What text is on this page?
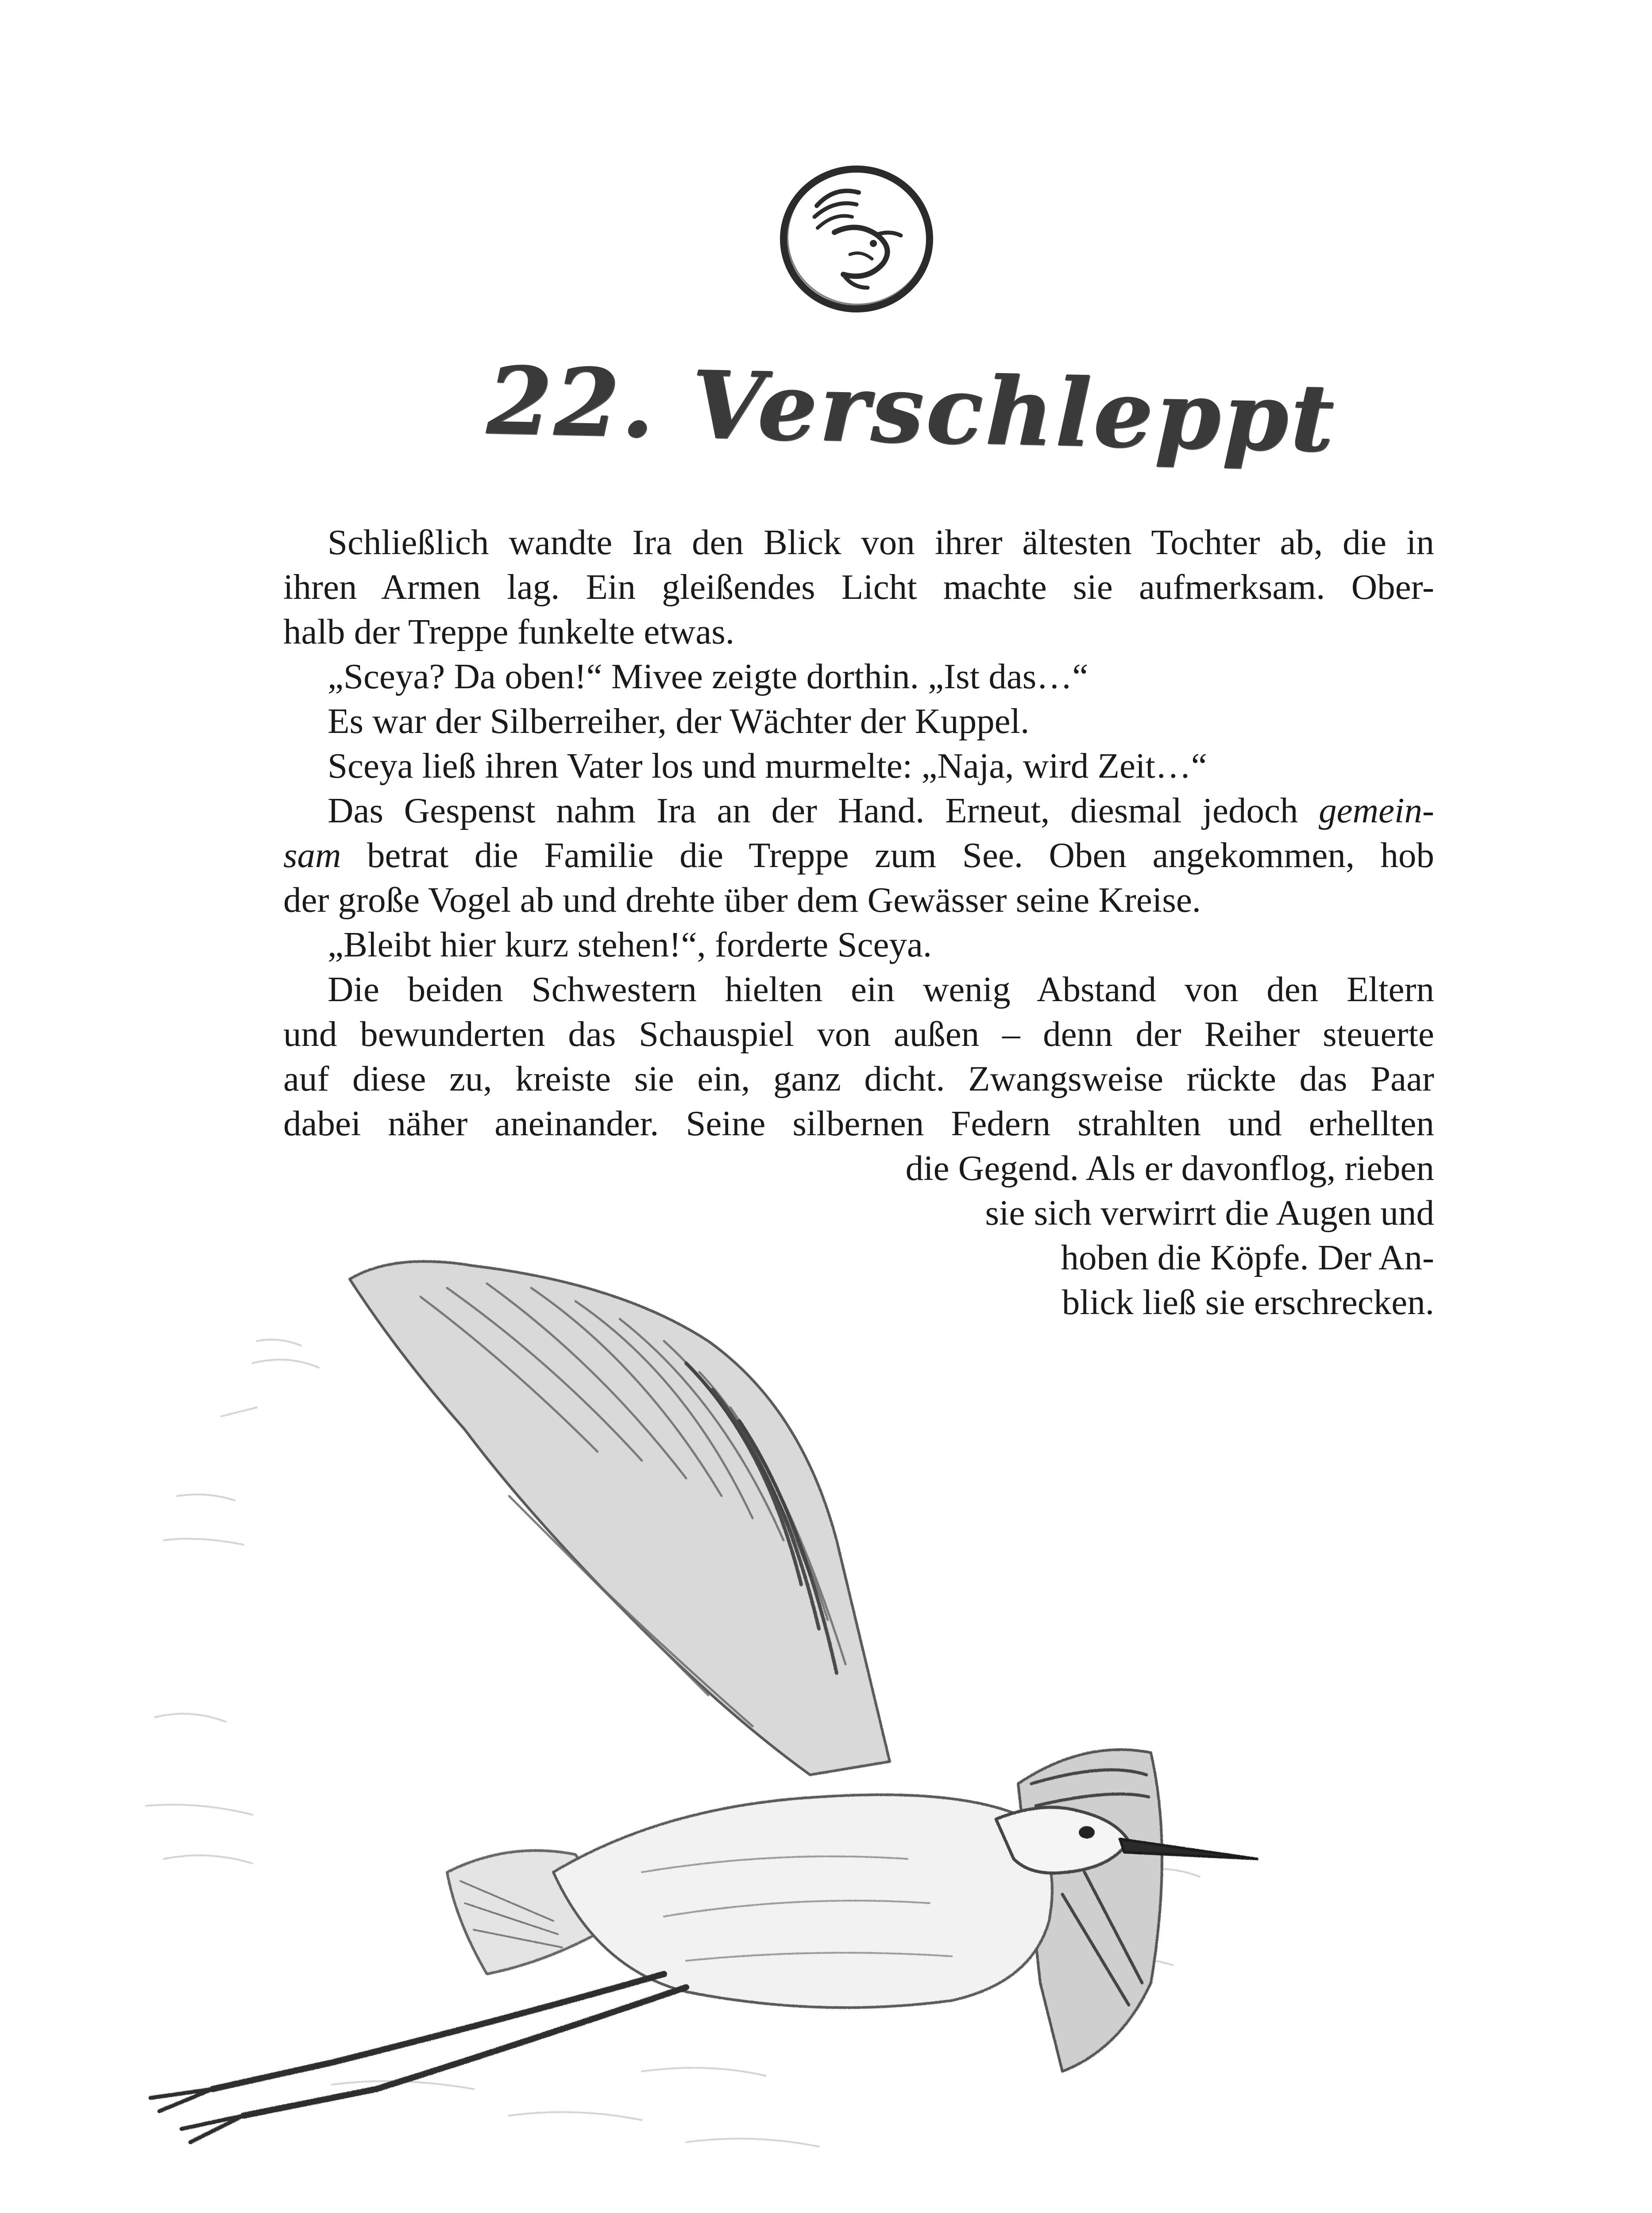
22. Verschleppt
Schließlich wandte Ira den Blick von ihrer ältesten Tochter ab, die in
ihren Armen lag. Ein gleißendes Licht machte sie aufmerksam. Ober-
halb der Treppe funkelte etwas.
„Sceya? Da oben!“ Mivee zeigte dorthin. „Ist das…“
Es war der Silberreiher, der Wächter der Kuppel.
Sceya ließ ihren Vater los und murmelte: „Naja, wird Zeit…“
Das Gespenst nahm Ira an der Hand. Erneut, diesmal jedoch gemein-
sam betrat die Familie die Treppe zum See. Oben angekommen, hob
der große Vogel ab und drehte über dem Gewässer seine Kreise.
„Bleibt hier kurz stehen!“, forderte Sceya.
Die beiden Schwestern hielten ein wenig Abstand von den Eltern
und bewunderten das Schauspiel von außen – denn der Reiher steuerte
auf diese zu, kreiste sie ein, ganz dicht. Zwangsweise rückte das Paar
dabei näher aneinander. Seine silbernen Federn strahlten und erhellten
die Gegend. Als er davonflog, rieben
sie sich verwirrt die Augen und
hoben die Köpfe. Der An-
blick ließ sie erschrecken.
